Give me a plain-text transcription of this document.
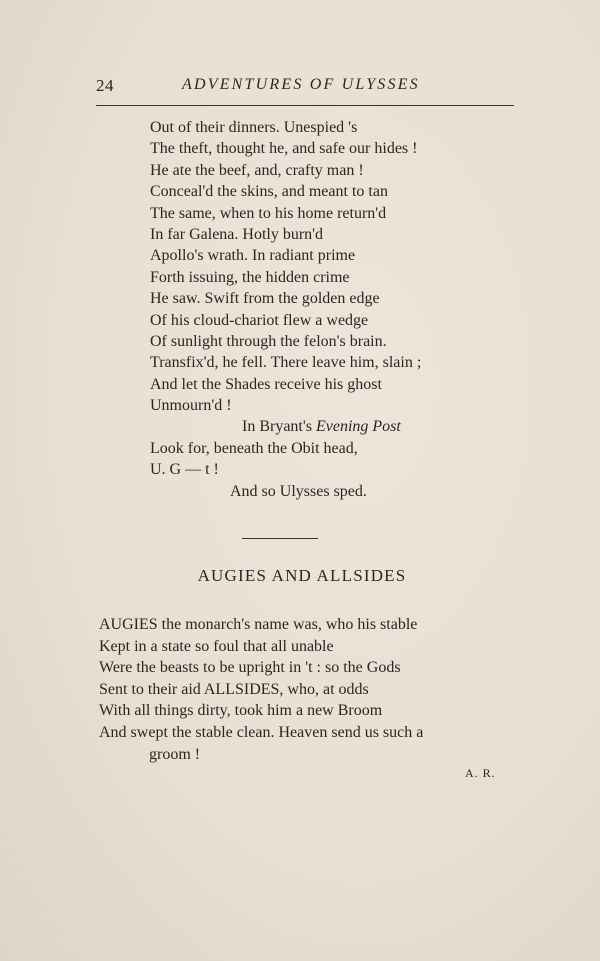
24	ADVENTURES OF ULYSSES
Out of their dinners. Unespied 's
The theft, thought he, and safe our hides !
He ate the beef, and, crafty man !
Conceal'd the skins, and meant to tan
The same, when to his home return'd
In far Galena. Hotly burn'd
Apollo's wrath. In radiant prime
Forth issuing, the hidden crime
He saw. Swift from the golden edge
Of his cloud-chariot flew a wedge
Of sunlight through the felon's brain.
Transfix'd, he fell. There leave him, slain ;
And let the Shades receive his ghost
Unmourn'd !
In Bryant's Evening Post
Look for, beneath the Obit head,
U. G — t !
And so Ulysses sped.
AUGIES AND ALLSIDES
AUGIES the monarch's name was, who his stable
Kept in a state so foul that all unable
Were the beasts to be upright in 't : so the Gods
Sent to their aid ALLSIDES, who, at odds
With all things dirty, took him a new Broom
And swept the stable clean. Heaven send us such a
groom !
A. R.
